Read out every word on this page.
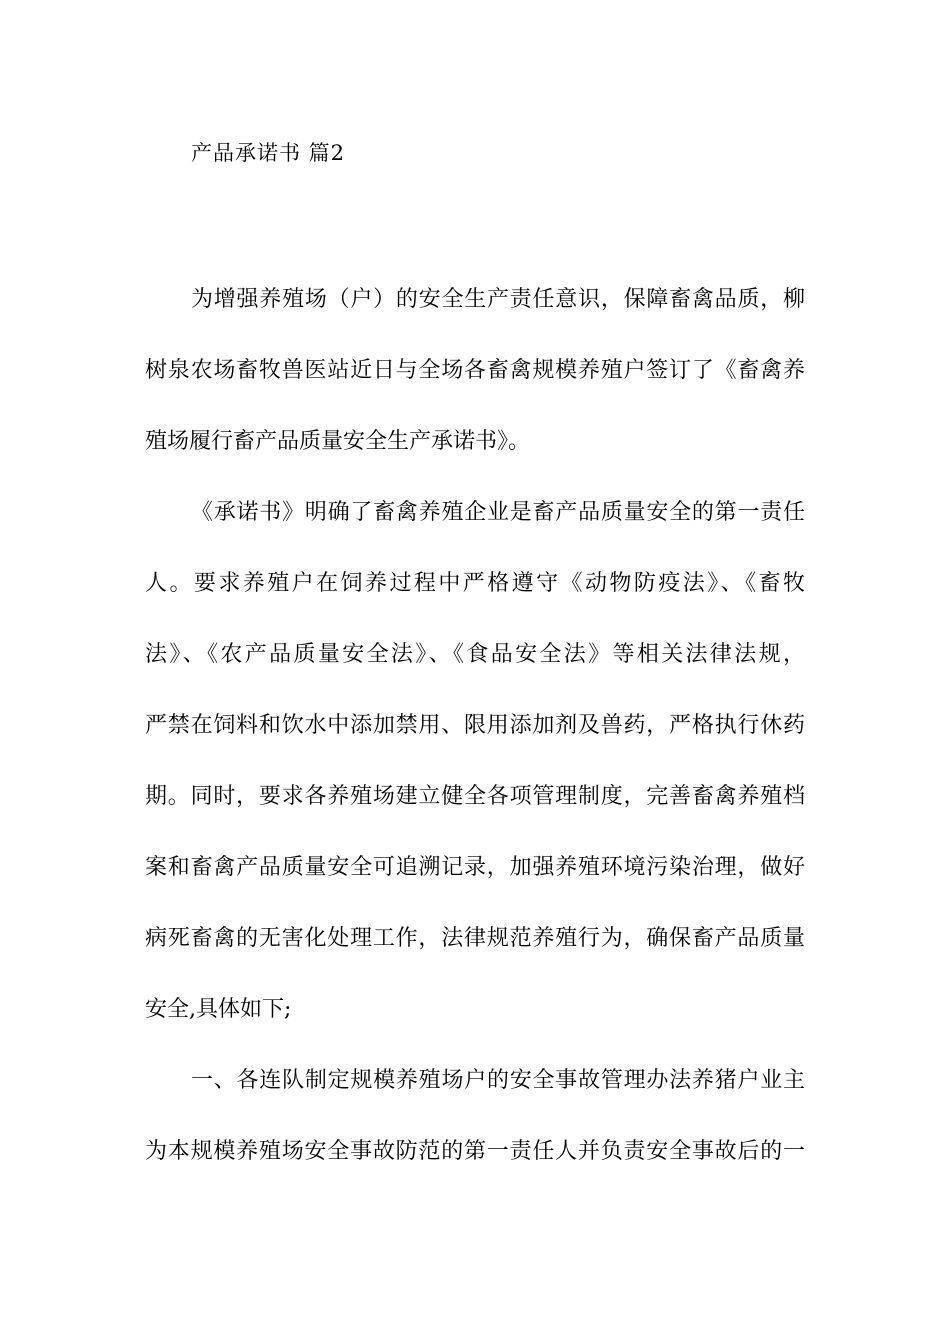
产品承诺书 篇2
为增强养殖场（户）的安全生产责任意识，保障畜禽品质，柳
树泉农场畜牧兽医站近日与全场各畜禽规模养殖户签订了《畜禽养
殖场履行畜产品质量安全生产承诺书》。
《承诺书》明确了畜禽养殖企业是畜产品质量安全的第一责任
人。要求养殖户在饲养过程中严格遵守《动物防疫法》、《畜牧
法》、《农产品质量安全法》、《食品安全法》等相关法律法规，
严禁在饲料和饮水中添加禁用、限用添加剂及兽药，严格执行休药
期。同时，要求各养殖场建立健全各项管理制度，完善畜禽养殖档
案和畜禽产品质量安全可追溯记录，加强养殖环境污染治理，做好
病死畜禽的无害化处理工作，法律规范养殖行为，确保畜产品质量
安全,具体如下;
一、各连队制定规模养殖场户的安全事故管理办法养猪户业主
为本规模养殖场安全事故防范的第一责任人并负责安全事故后的一
